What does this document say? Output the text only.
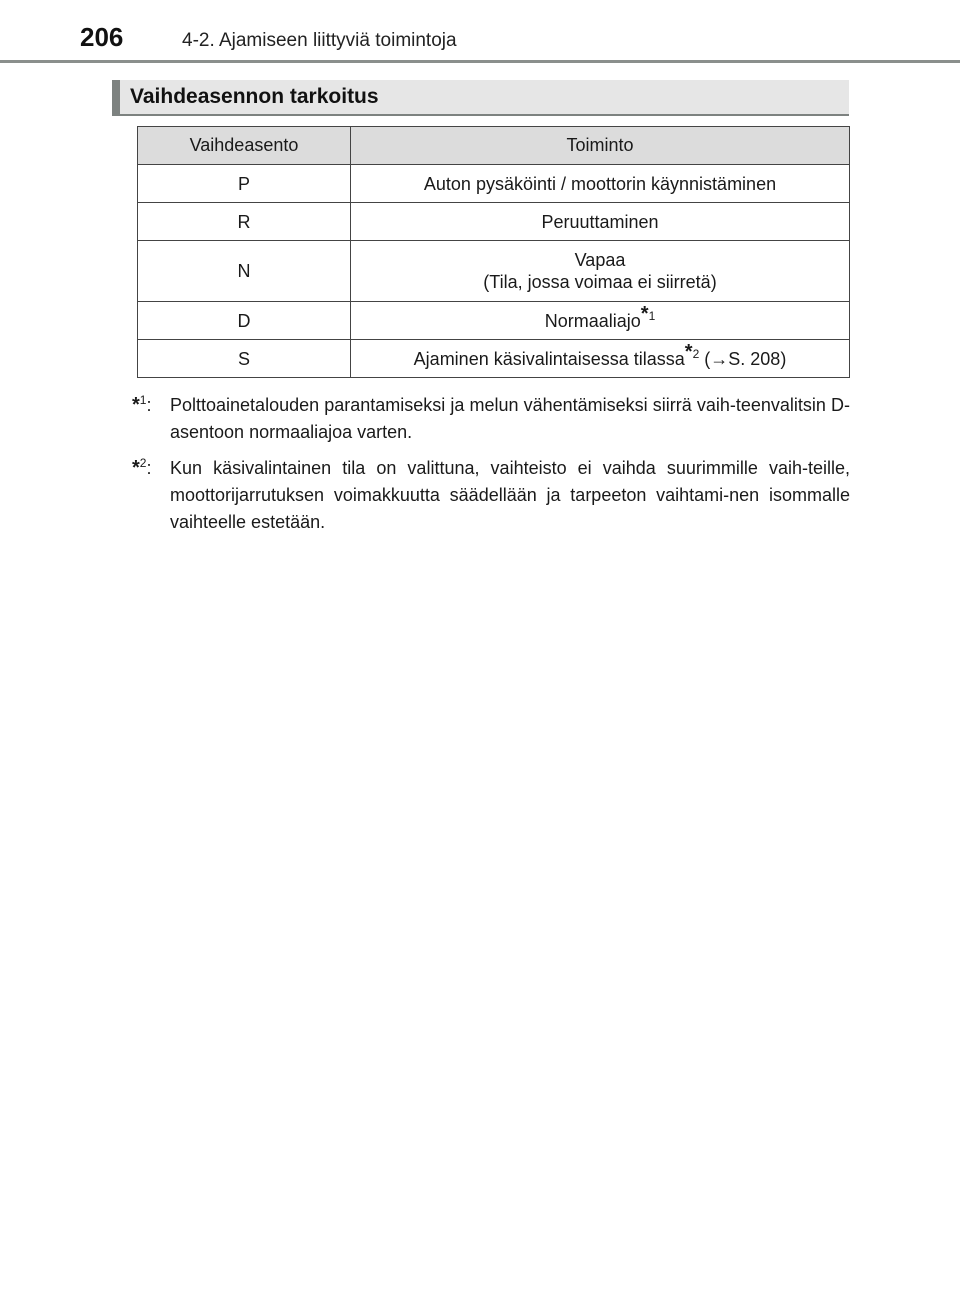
206	4-2. Ajamiseen liittyviä toimintoja
Vaihdeasennon tarkoitus
Vaihdeasento	Toiminto
P	Auton pysäköinti / moottorin käynnistäminen
R	Peruuttaminen
N	Vapaa
(Tila, jossa voimaa ei siirretä)

D	Normaaliajo$^{*1}$
S	Ajaminen käsivalintaisessa tilassa$^{*2}$ (→S. 208)
*$^1$: Polttoainetalouden parantamiseksi ja melun vähentämiseksi siirrä vaih-teenvalitsin D-asentoon normaaliajoa varten.
*$^2$: Kun käsivalintainen tila on valittuna, vaihteisto ei vaihda suurimmille vaih-teille, moottorijarrutuksen voimakkuutta säädellään ja tarpeeton vaihtami-nen isommalle vaihteelle estetään.
